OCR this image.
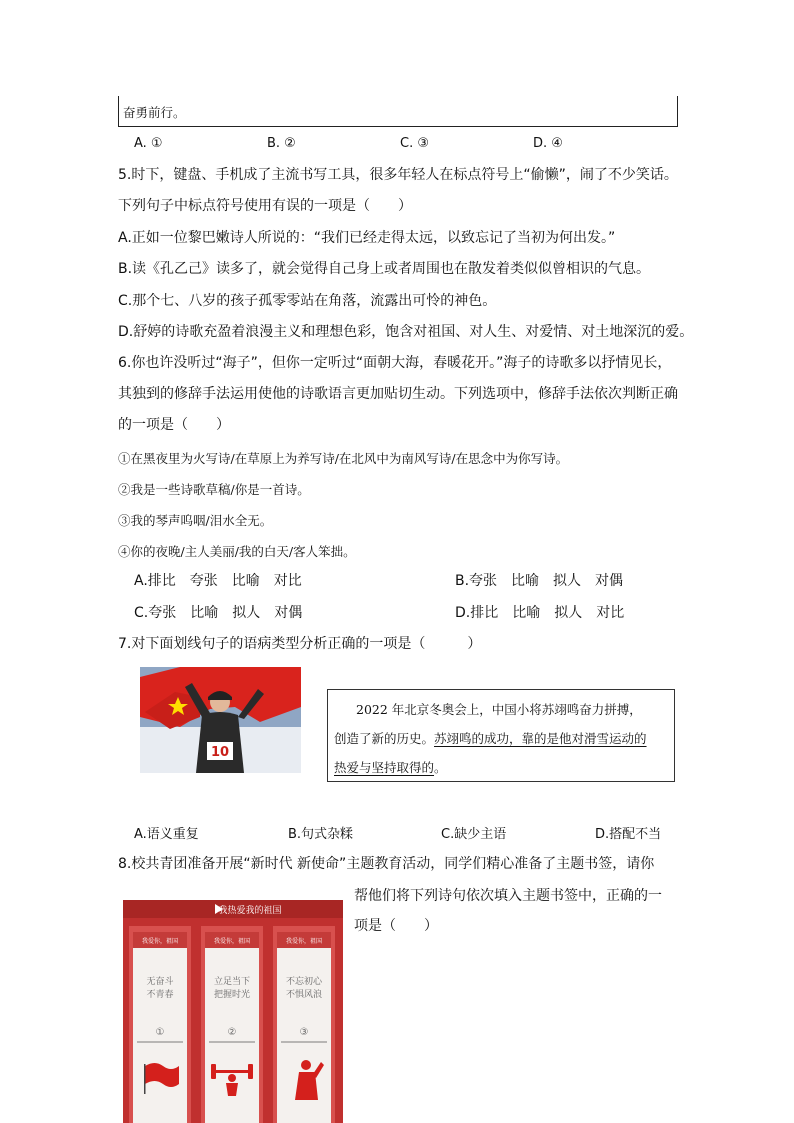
奋勇前行。
A. ①	B. ②	C. ③	D. ④
5.时下，键盘、手机成了主流书写工具，很多年轻人在标点符号上“偷懒”，闹了不少笑话。
下列句子中标点符号使用有误的一项是（　　）
A.正如一位黎巴嫩诗人所说的：“我们已经走得太远，以致忘记了当初为何出发。”
B.读《孔乙己》读多了，就会觉得自己身上或者周围也在散发着类似似曾相识的气息。
C.那个七、八岁的孩子孤零零站在角落，流露出可怜的神色。
D.舒婷的诗歌充盈着浪漫主义和理想色彩，饱含对祖国、对人生、对爱情、对土地深沉的爱。
6.你也许没听过“海子”，但你一定听过“面朝大海，春暖花开。”海子的诗歌多以抒情见长，
其独到的修辞手法运用使他的诗歌语言更加贴切生动。下列选项中，修辞手法依次判断正确
的一项是（　　）
①在黑夜里为火写诗/在草原上为养写诗/在北风中为南风写诗/在思念中为你写诗。
②我是一些诗歌草稿/你是一首诗。
③我的琴声呜咽/泪水全无。
④你的夜晚/主人美丽/我的白天/客人笨拙。
A.排比　夸张　比喻　对比	B.夸张　比喻　拟人　对偶
C.夸张　比喻　拟人　对偶	D.排比　比喻　拟人　对比
7.对下面划线句子的语病类型分析正确的一项是（　　　）
10
2022 年北京冬奥会上，中国小将苏翊鸣奋力拼搏，
创造了新的历史。苏翊鸣的成功，靠的是他对滑雪运动的
热爱与坚持取得的。
A.语义重复	B.句式杂糅	C.缺少主语	D.搭配不当
8.校共青团准备开展“新时代 新使命”主题教育活动，同学们精心准备了主题书签，请你
帮他们将下列诗句依次填入主题书签中，正确的一
项是（　　）
我热爱我的祖国
我爱你，祖国
无奋斗
不青春
①
我爱你，祖国
立足当下
把握时光
②
我爱你，祖国
不忘初心
不惧风浪
③
